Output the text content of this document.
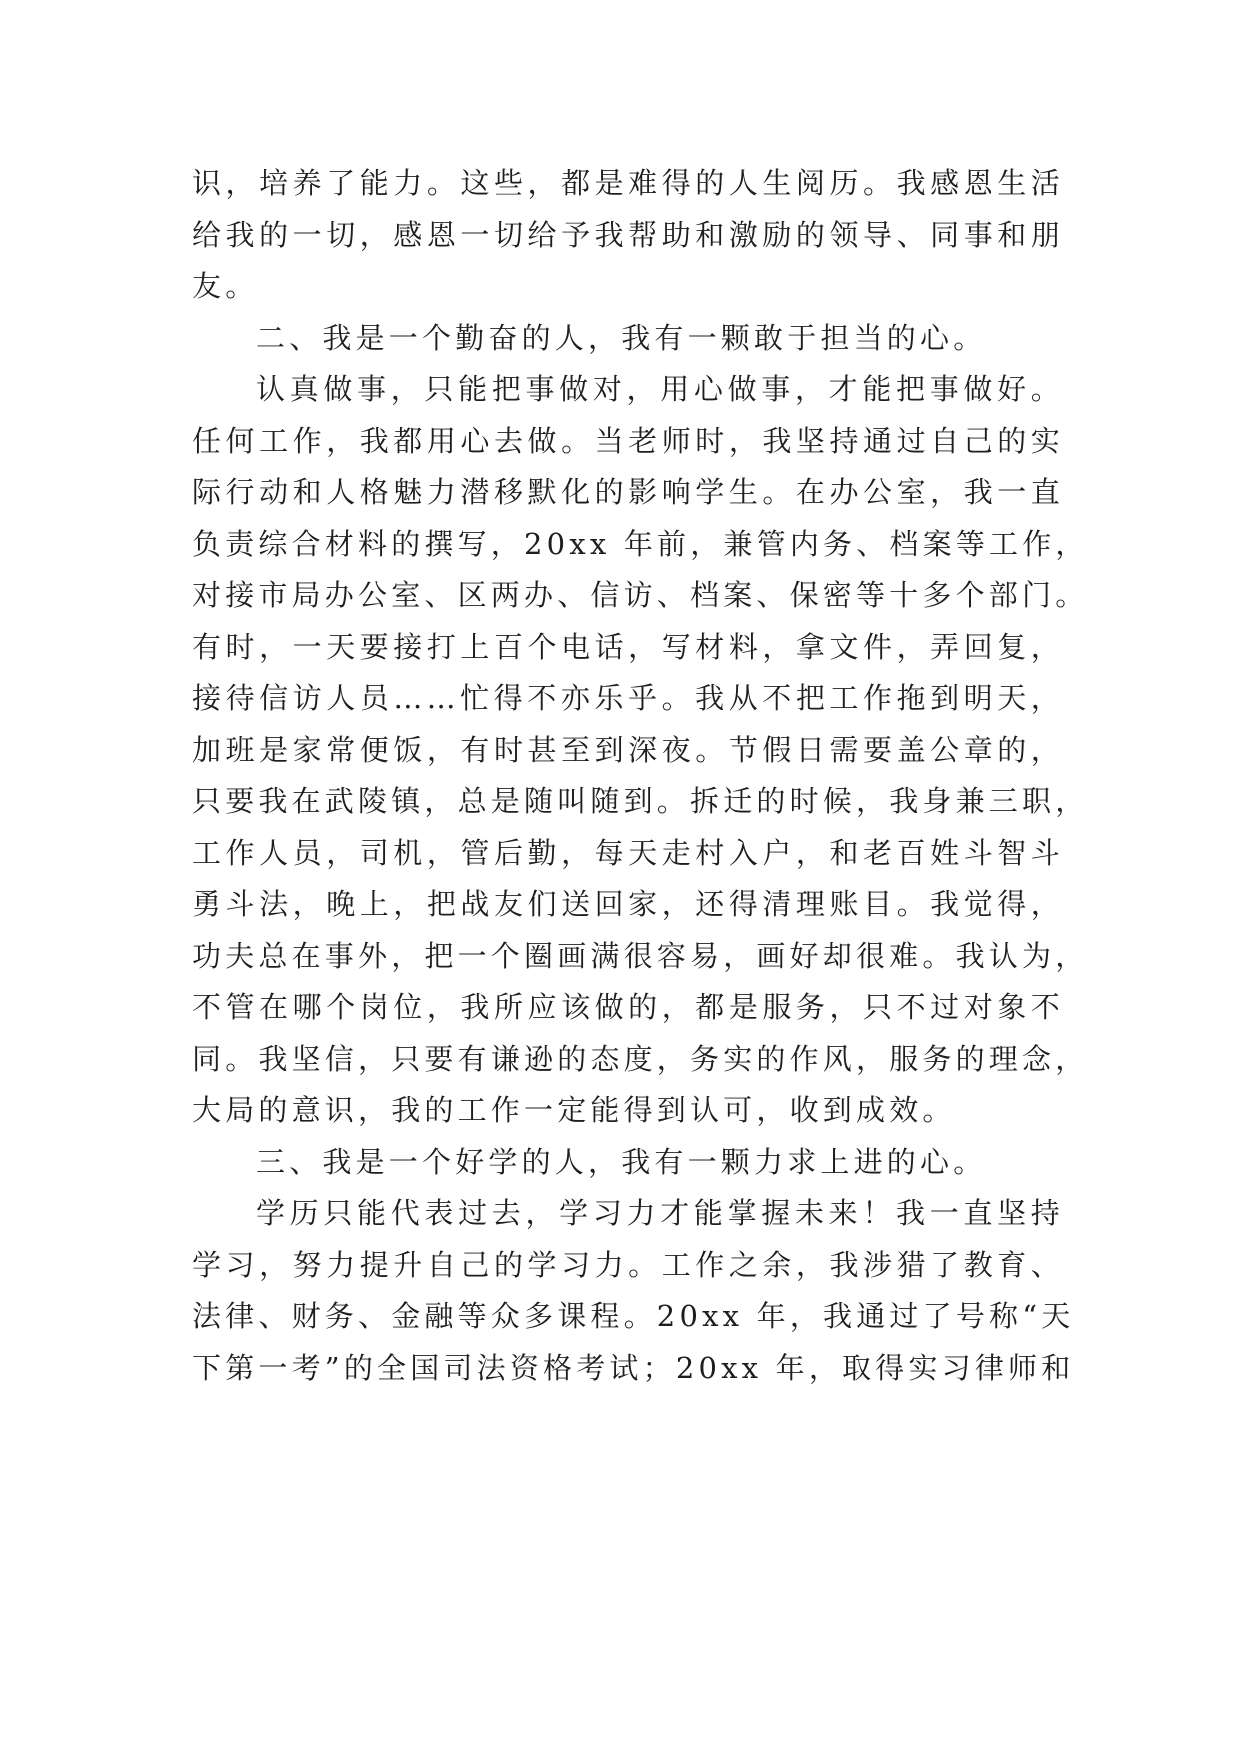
识，培养了能力。这些，都是难得的人生阅历。我感恩生活
给我的一切，感恩一切给予我帮助和激励的领导、同事和朋
友。
二、我是一个勤奋的人，我有一颗敢于担当的心。
认真做事，只能把事做对，用心做事，才能把事做好。
任何工作，我都用心去做。当老师时，我坚持通过自己的实
际行动和人格魅力潜移默化的影响学生。在办公室，我一直
负责综合材料的撰写，20xx 年前，兼管内务、档案等工作，
对接市局办公室、区两办、信访、档案、保密等十多个部门。
有时，一天要接打上百个电话，写材料，拿文件，弄回复，
接待信访人员……忙得不亦乐乎。我从不把工作拖到明天，
加班是家常便饭，有时甚至到深夜。节假日需要盖公章的，
只要我在武陵镇，总是随叫随到。拆迁的时候，我身兼三职，
工作人员，司机，管后勤，每天走村入户，和老百姓斗智斗
勇斗法，晚上，把战友们送回家，还得清理账目。我觉得，
功夫总在事外，把一个圈画满很容易，画好却很难。我认为，
不管在哪个岗位，我所应该做的，都是服务，只不过对象不
同。我坚信，只要有谦逊的态度，务实的作风，服务的理念，
大局的意识，我的工作一定能得到认可，收到成效。
三、我是一个好学的人，我有一颗力求上进的心。
学历只能代表过去，学习力才能掌握未来！我一直坚持
学习，努力提升自己的学习力。工作之余，我涉猎了教育、
法律、财务、金融等众多课程。20xx 年，我通过了号称“天
下第一考”的全国司法资格考试；20xx 年，取得实习律师和
